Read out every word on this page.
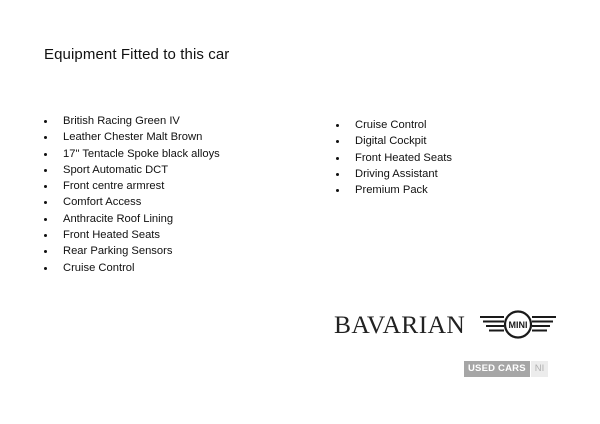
Equipment Fitted to this car
British Racing Green IV
Leather Chester Malt Brown
17" Tentacle Spoke black alloys
Sport Automatic DCT
Front centre armrest
Comfort Access
Anthracite Roof Lining
Front Heated Seats
Rear Parking Sensors
Cruise Control
Cruise Control
Digital Cockpit
Front Heated Seats
Driving Assistant
Premium Pack
BAVARIAN	MINI
USED CARS NI
